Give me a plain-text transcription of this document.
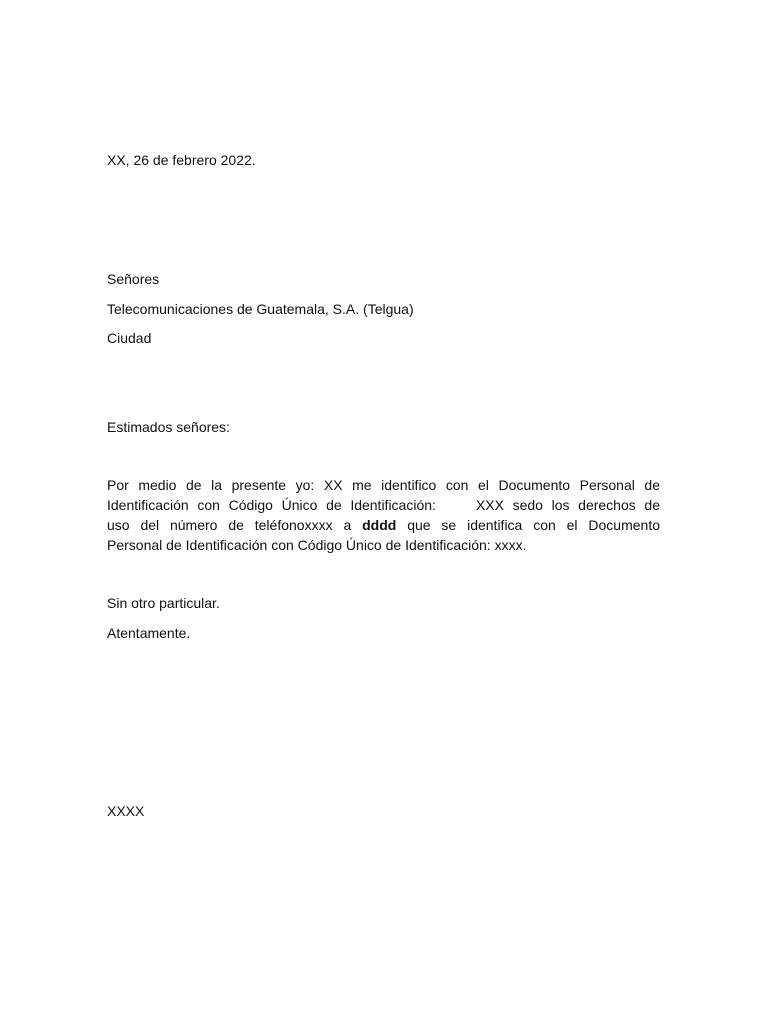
XX, 26 de febrero 2022.
Señores
Telecomunicaciones de Guatemala, S.A. (Telgua)
Ciudad
Estimados señores:
Por medio de la presente yo: XX me identifico con el Documento Personal de
Identificación con Código Único de Identificación:	XXX sedo los derechos de
uso del número de teléfonoxxxx a dddd que se identifica con el Documento
Personal de Identificación con Código Único de Identificación: xxxx.
Sin otro particular.
Atentamente.
XXXX
